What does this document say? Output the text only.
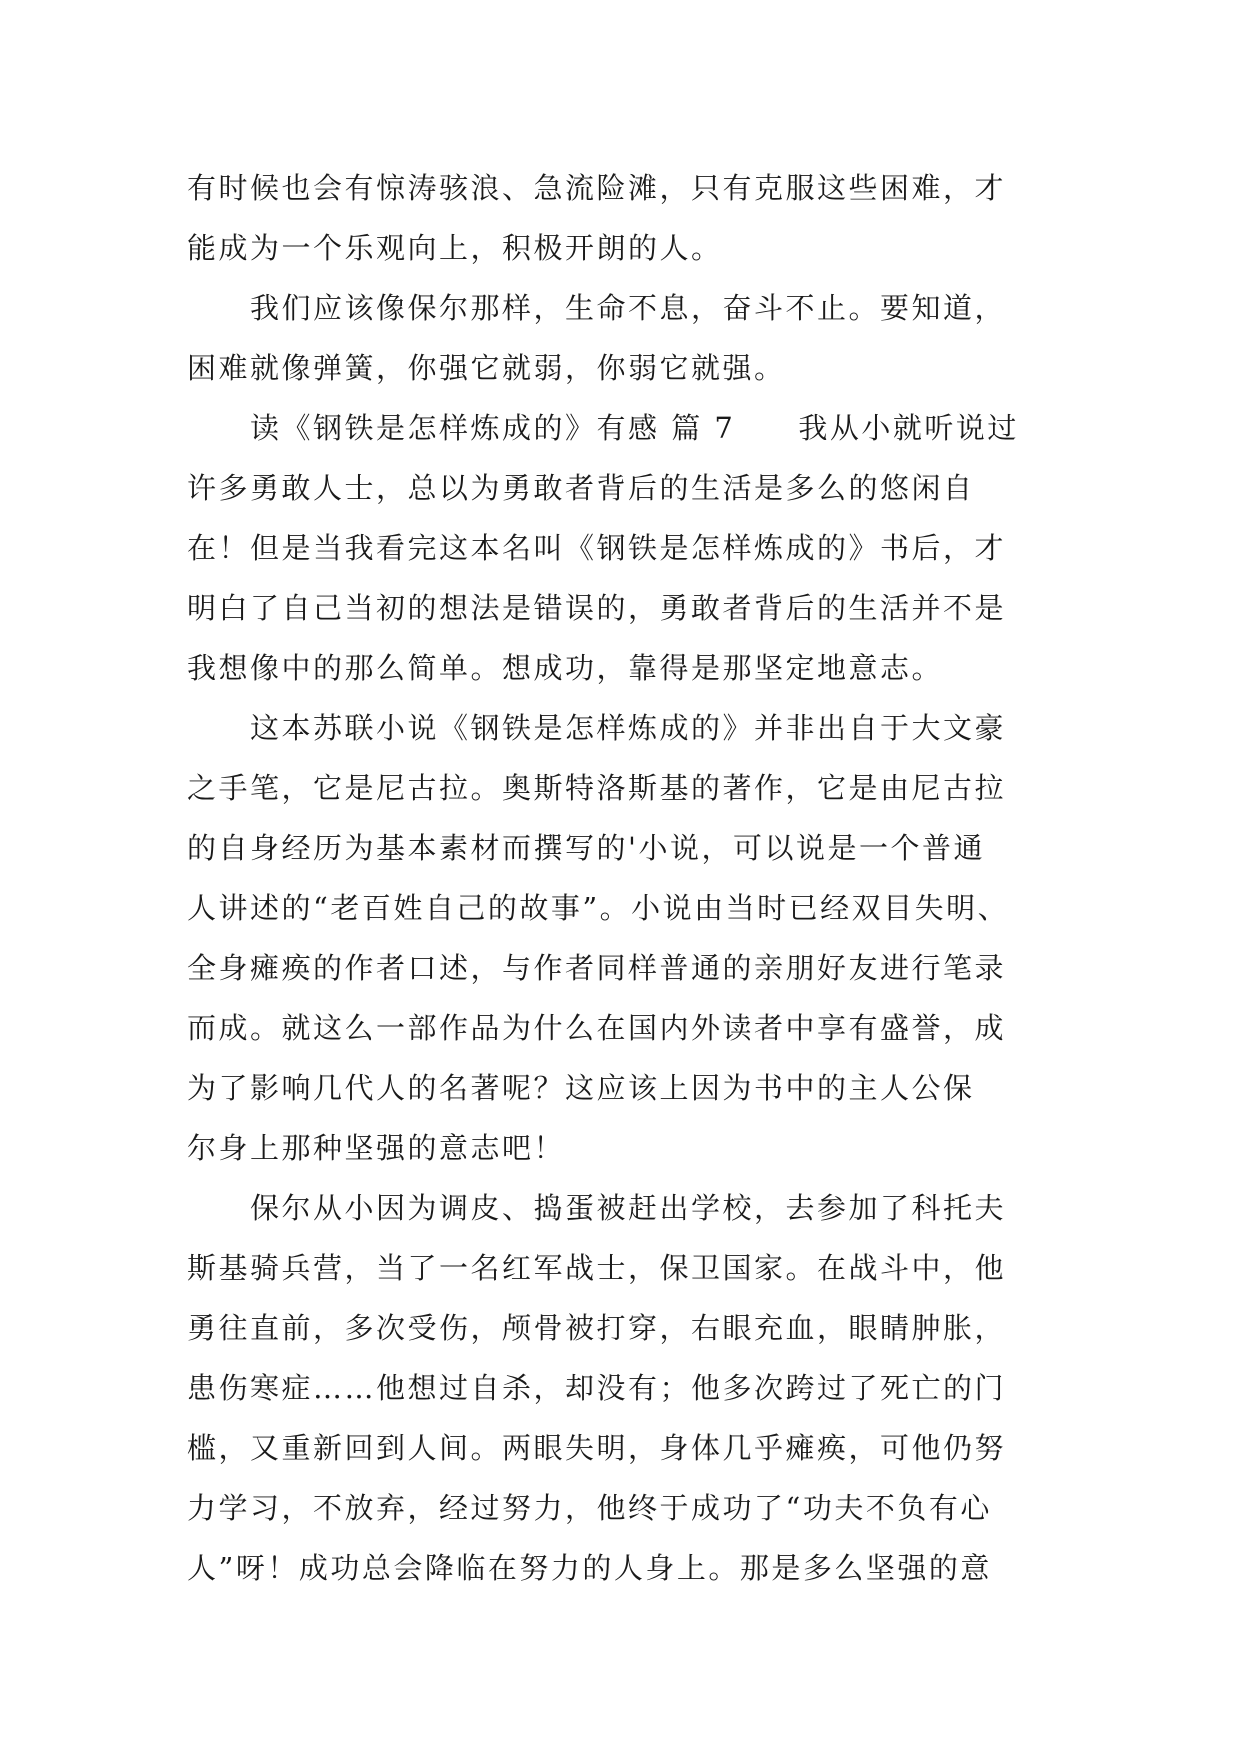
有时候也会有惊涛骇浪、急流险滩，只有克服这些困难，才
能成为一个乐观向上，积极开朗的人。
　　我们应该像保尔那样，生命不息，奋斗不止。要知道，
困难就像弹簧，你强它就弱，你弱它就强。
　　读《钢铁是怎样炼成的》有感 篇 7　　我从小就听说过
许多勇敢人士，总以为勇敢者背后的生活是多么的悠闲自
在！但是当我看完这本名叫《钢铁是怎样炼成的》书后，才
明白了自己当初的想法是错误的，勇敢者背后的生活并不是
我想像中的那么简单。想成功，靠得是那坚定地意志。
　　这本苏联小说《钢铁是怎样炼成的》并非出自于大文豪
之手笔，它是尼古拉。奥斯特洛斯基的著作，它是由尼古拉
的自身经历为基本素材而撰写的'小说，可以说是一个普通
人讲述的“老百姓自己的故事”。小说由当时已经双目失明、
全身瘫痪的作者口述，与作者同样普通的亲朋好友进行笔录
而成。就这么一部作品为什么在国内外读者中享有盛誉，成
为了影响几代人的名著呢？这应该上因为书中的主人公保
尔身上那种坚强的意志吧！
　　保尔从小因为调皮、捣蛋被赶出学校，去参加了科托夫
斯基骑兵营，当了一名红军战士，保卫国家。在战斗中，他
勇往直前，多次受伤，颅骨被打穿，右眼充血，眼睛肿胀，
患伤寒症……他想过自杀，却没有；他多次跨过了死亡的门
槛，又重新回到人间。两眼失明，身体几乎瘫痪，可他仍努
力学习，不放弃，经过努力，他终于成功了“功夫不负有心
人”呀！成功总会降临在努力的人身上。那是多么坚强的意
